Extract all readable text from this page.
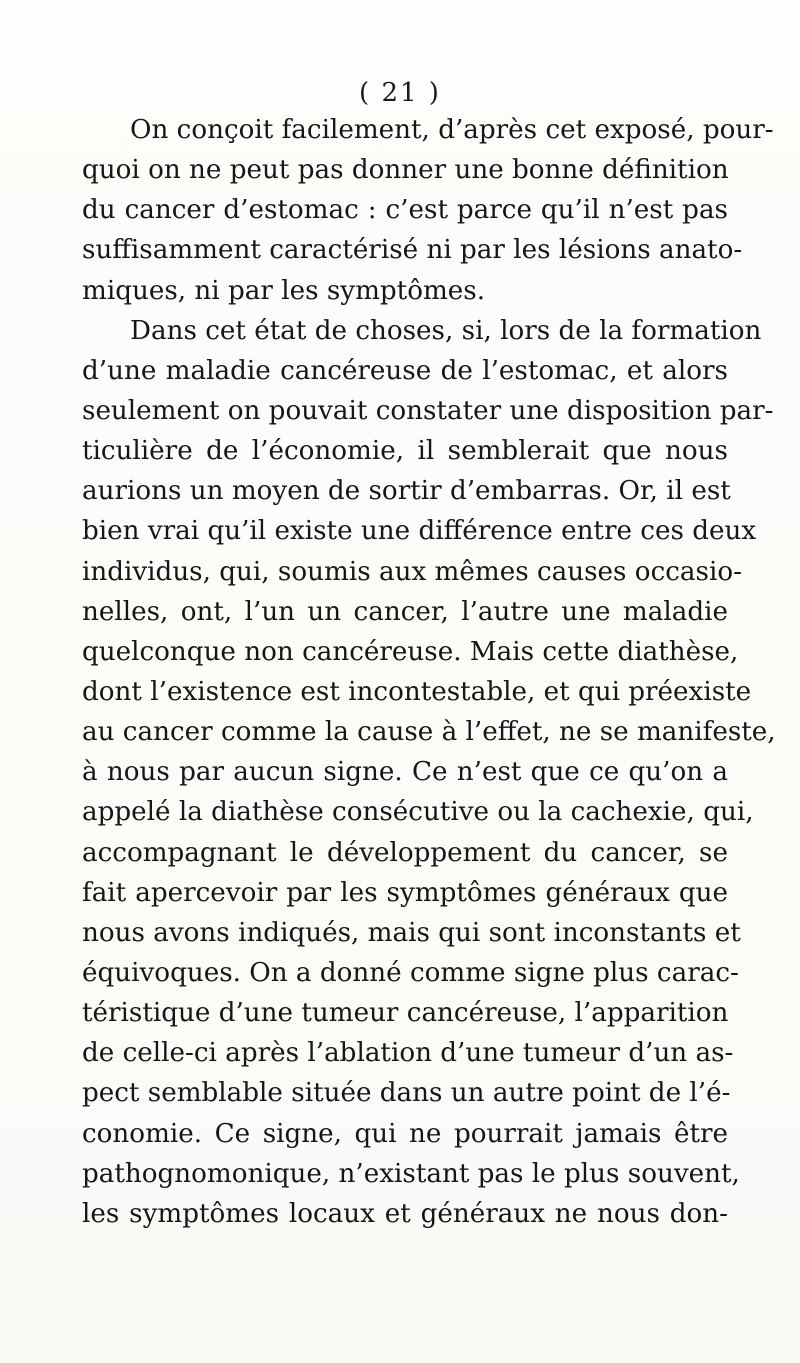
( 21 )
On conçoit facilement, d’après cet exposé, pour-
quoi on ne peut pas donner une bonne définition
du cancer d’estomac : c’est parce qu’il n’est pas
suffisamment caractérisé ni par les lésions anato-
miques, ni par les symptômes.
Dans cet état de choses, si, lors de la formation
d’une maladie cancéreuse de l’estomac, et alors
seulement on pouvait constater une disposition par-
ticulière de l’économie, il semblerait que nous
aurions un moyen de sortir d’embarras. Or, il est
bien vrai qu’il existe une différence entre ces deux
individus, qui, soumis aux mêmes causes occasio-
nelles, ont, l’un un cancer, l’autre une maladie
quelconque non cancéreuse. Mais cette diathèse,
dont l’existence est incontestable, et qui préexiste
au cancer comme la cause à l’effet, ne se manifeste,
à nous par aucun signe. Ce n’est que ce qu’on a
appelé la diathèse consécutive ou la cachexie, qui,
accompagnant le développement du cancer, se
fait apercevoir par les symptômes généraux que
nous avons indiqués, mais qui sont inconstants et
équivoques. On a donné comme signe plus carac-
téristique d’une tumeur cancéreuse, l’apparition
de celle-ci après l’ablation d’une tumeur d’un as-
pect semblable située dans un autre point de l’é-
conomie. Ce signe, qui ne pourrait jamais être
pathognomonique, n’existant pas le plus souvent,
les symptômes locaux et généraux ne nous don-
